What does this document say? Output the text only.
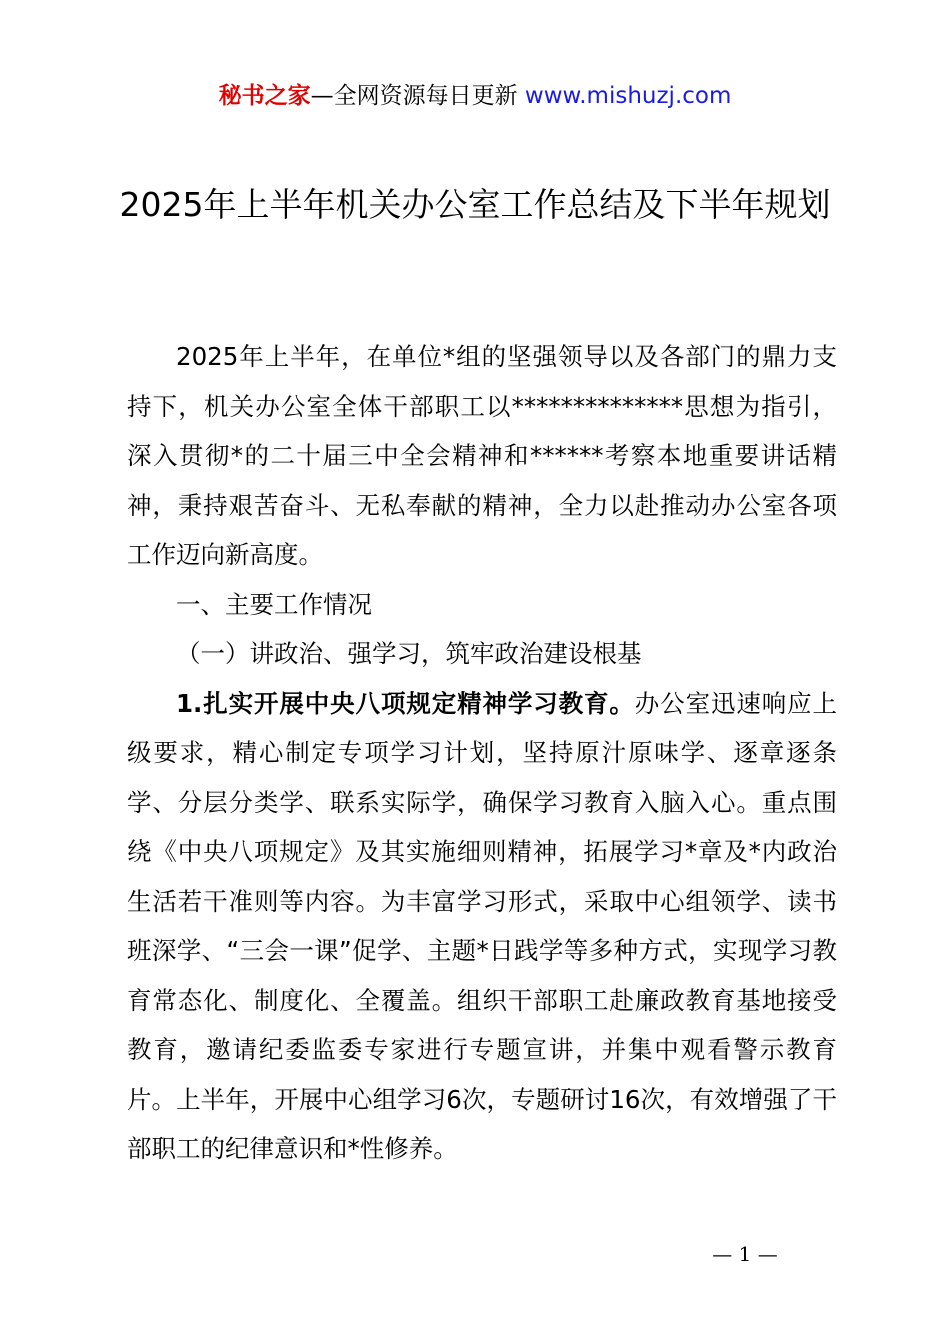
秘书之家—全网资源每日更新 www.mishuzj.com
2025年上半年机关办公室工作总结及下半年规划

2025年上半年，在单位*组的坚强领导以及各部门的鼎力支持下，机关办公室全体干部职工以**************思想为指引，深入贯彻*的二十届三中全会精神和******考察本地重要讲话精神，秉持艰苦奋斗、无私奉献的精神，全力以赴推动办公室各项工作迈向新高度。

一、主要工作情况

（一）讲政治、强学习，筑牢政治建设根基

1.扎实开展中央八项规定精神学习教育。办公室迅速响应上级要求，精心制定专项学习计划，坚持原汁原味学、逐章逐条学、分层分类学、联系实际学，确保学习教育入脑入心。重点围绕《中央八项规定》及其实施细则精神，拓展学习*章及*内政治生活若干准则等内容。为丰富学习形式，采取中心组领学、读书班深学、“三会一课”促学、主题*日践学等多种方式，实现学习教育常态化、制度化、全覆盖。组织干部职工赴廉政教育基地接受教育，邀请纪委监委专家进行专题宣讲，并集中观看警示教育片。上半年，开展中心组学习6次，专题研讨16次，有效增强了干部职工的纪律意识和*性修养。

— 1 —
